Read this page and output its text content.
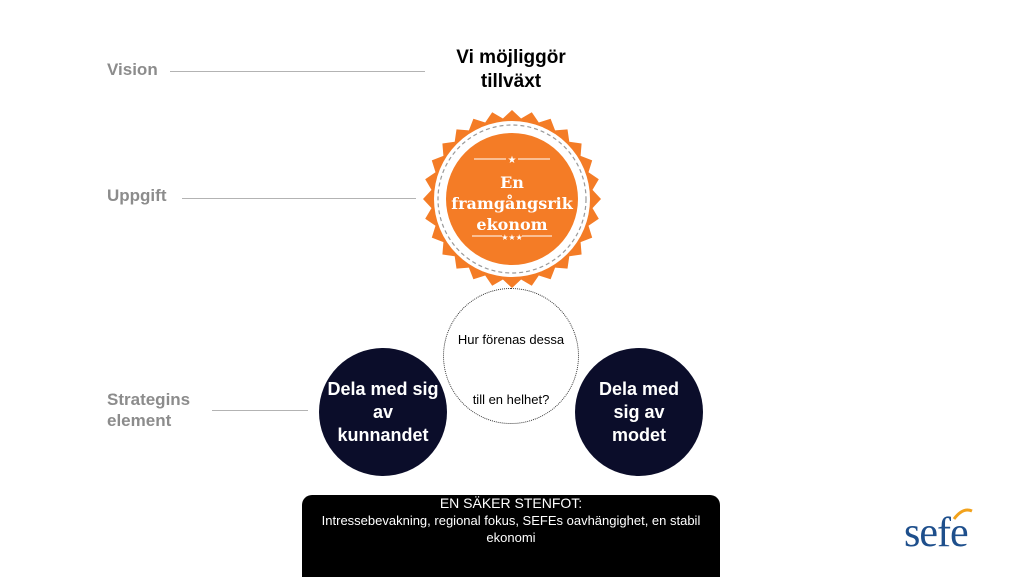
Vision
Uppgift
Strategins
element
Vi möjliggör
tillväxt
★
En
framgångsrik
ekonom
★★★
Hur förenas dessa
till en helhet?
Dela med sig
av
kunnandet
Dela med
sig av
modet
EN SÄKER STENFOT:
Intressebevakning, regional fokus, SEFEs oavhängighet, en stabil ekonomi	sefe
